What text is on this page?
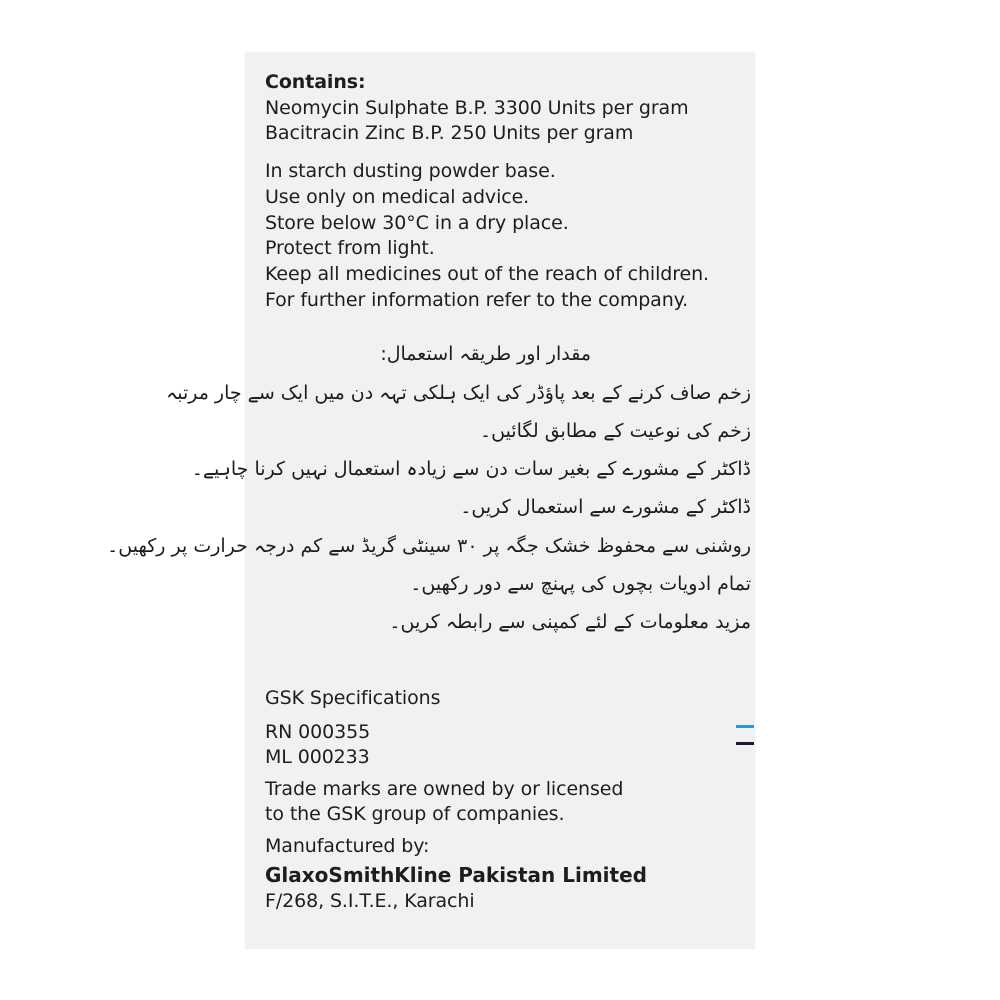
Contains:
Neomycin Sulphate B.P. 3300 Units per gram
Bacitracin Zinc B.P. 250 Units per gram
In starch dusting powder base.
Use only on medical advice.
Store below 30°C in a dry place.
Protect from light.
Keep all medicines out of the reach of children.
For further information refer to the company.
مقدار اور طریقہ استعمال:
زخم صاف کرنے کے بعد پاؤڈر کی ایک ہلکی تہہ دن میں ایک سے چار مرتبہ
زخم کی نوعیت کے مطابق لگائیں۔
ڈاکٹر کے مشورے کے بغیر سات دن سے زیادہ استعمال نہیں کرنا چاہیے۔
ڈاکٹر کے مشورے سے استعمال کریں۔
روشنی سے محفوظ خشک جگہ پر ۳۰ سینٹی گریڈ سے کم درجہ حرارت پر رکھیں۔
تمام ادویات بچوں کی پہنچ سے دور رکھیں۔
مزید معلومات کے لئے کمپنی سے رابطہ کریں۔
GSK Specifications
RN 000355
ML 000233
Trade marks are owned by or licensed
to the GSK group of companies.
Manufactured by:
GlaxoSmithKline Pakistan Limited
F/268, S.I.T.E., Karachi
